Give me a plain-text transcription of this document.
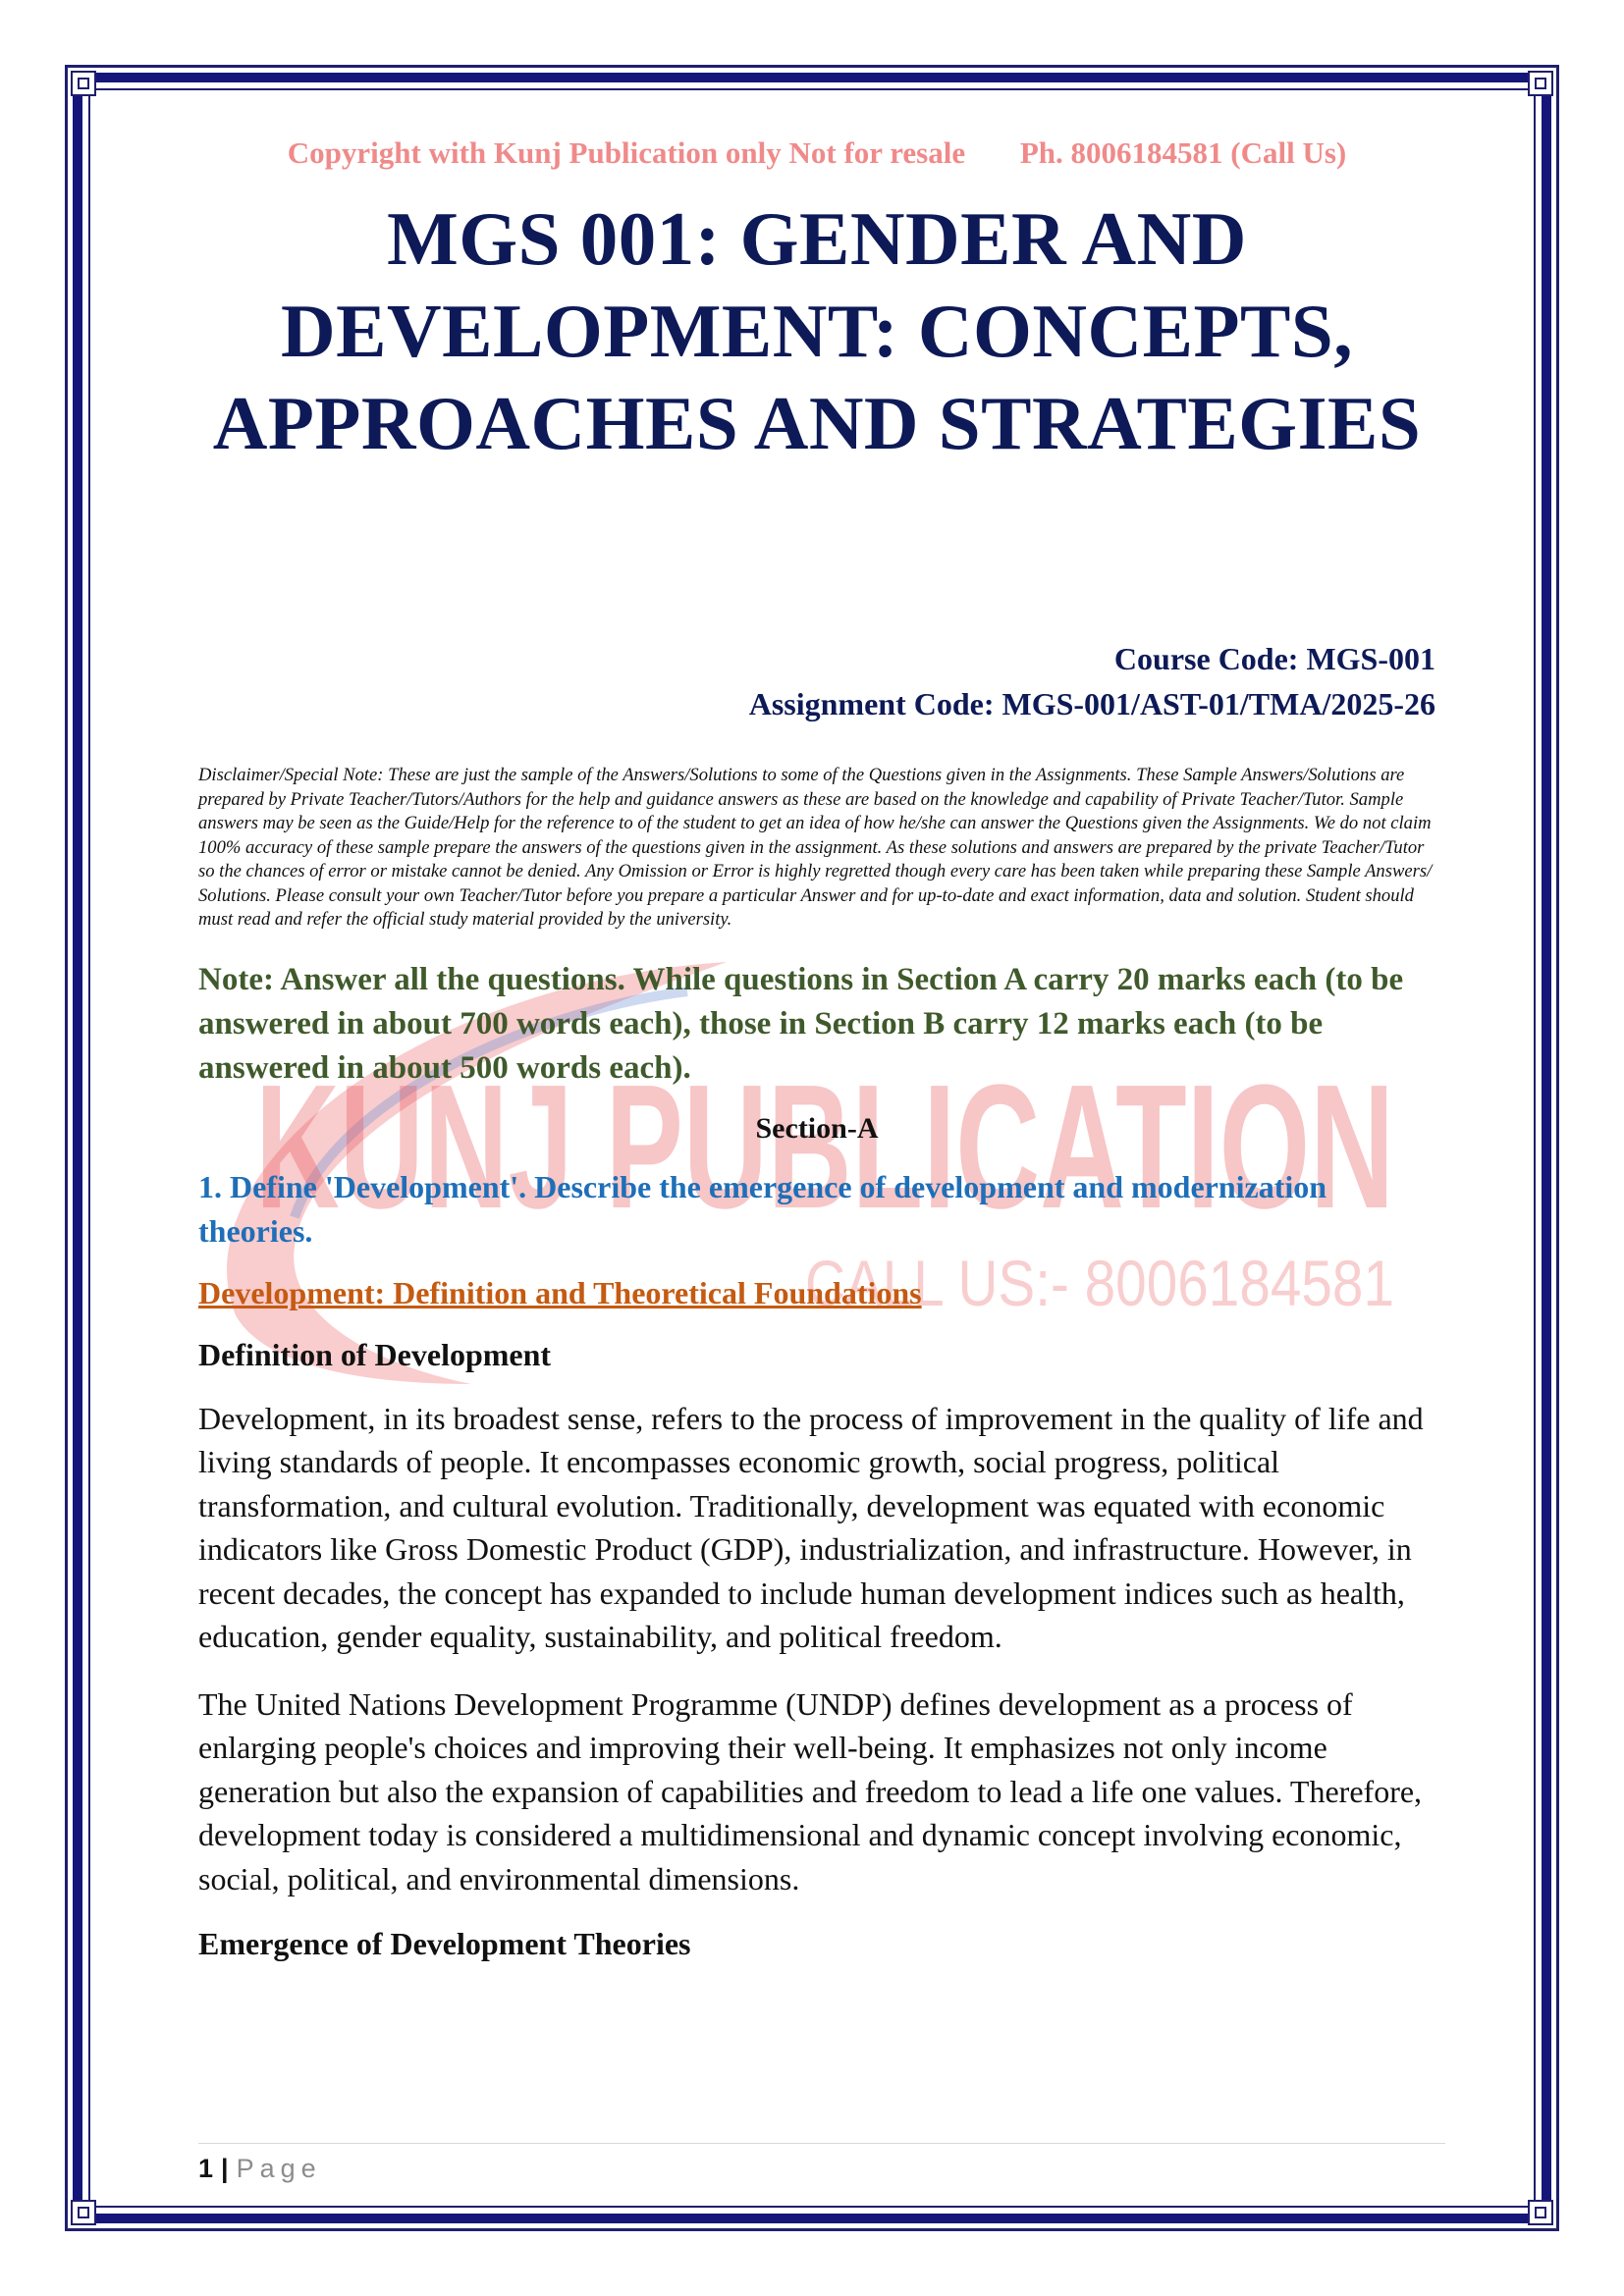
KUNJ PUBLICATION
CALL US:- 8006184581

Copyright with Kunj Publication only Not for resale Ph. 8006184581 (Call Us)

MGS 001: GENDER AND DEVELOPMENT: CONCEPTS, APPROACHES AND STRATEGIES
Course Code: MGS-001
Assignment Code: MGS-001/AST-01/TMA/2025-26
Disclaimer/Special Note: These are just the sample of the Answers/Solutions to some of the Questions given in the Assignments. These Sample Answers/Solutions are prepared by Private Teacher/Tutors/Authors for the help and guidance answers as these are based on the knowledge and capability of Private Teacher/Tutor. Sample answers may be seen as the Guide/Help for the reference to of the student to get an idea of how he/she can answer the Questions given the Assignments. We do not claim 100% accuracy of these sample prepare the answers of the questions given in the assignment. As these solutions and answers are prepared by the private Teacher/Tutor so the chances of error or mistake cannot be denied. Any Omission or Error is highly regretted though every care has been taken while preparing these Sample Answers/ Solutions. Please consult your own Teacher/Tutor before you prepare a particular Answer and for up-to-date and exact information, data and solution. Student should must read and refer the official study material provided by the university.
Note: Answer all the questions. While questions in Section A carry 20 marks each (to be answered in about 700 words each), those in Section B carry 12 marks each (to be answered in about 500 words each).
Section-A
1. Define 'Development'. Describe the emergence of development and modernization theories.
Development: Definition and Theoretical Foundations
Definition of Development
Development, in its broadest sense, refers to the process of improvement in the quality of life and living standards of people. It encompasses economic growth, social progress, political transformation, and cultural evolution. Traditionally, development was equated with economic indicators like Gross Domestic Product (GDP), industrialization, and infrastructure. However, in recent decades, the concept has expanded to include human development indices such as health, education, gender equality, sustainability, and political freedom.
The United Nations Development Programme (UNDP) defines development as a process of enlarging people's choices and improving their well-being. It emphasizes not only income generation but also the expansion of capabilities and freedom to lead a life one values. Therefore, development today is considered a multidimensional and dynamic concept involving economic, social, political, and environmental dimensions.
Emergence of Development Theories
1 | Page
